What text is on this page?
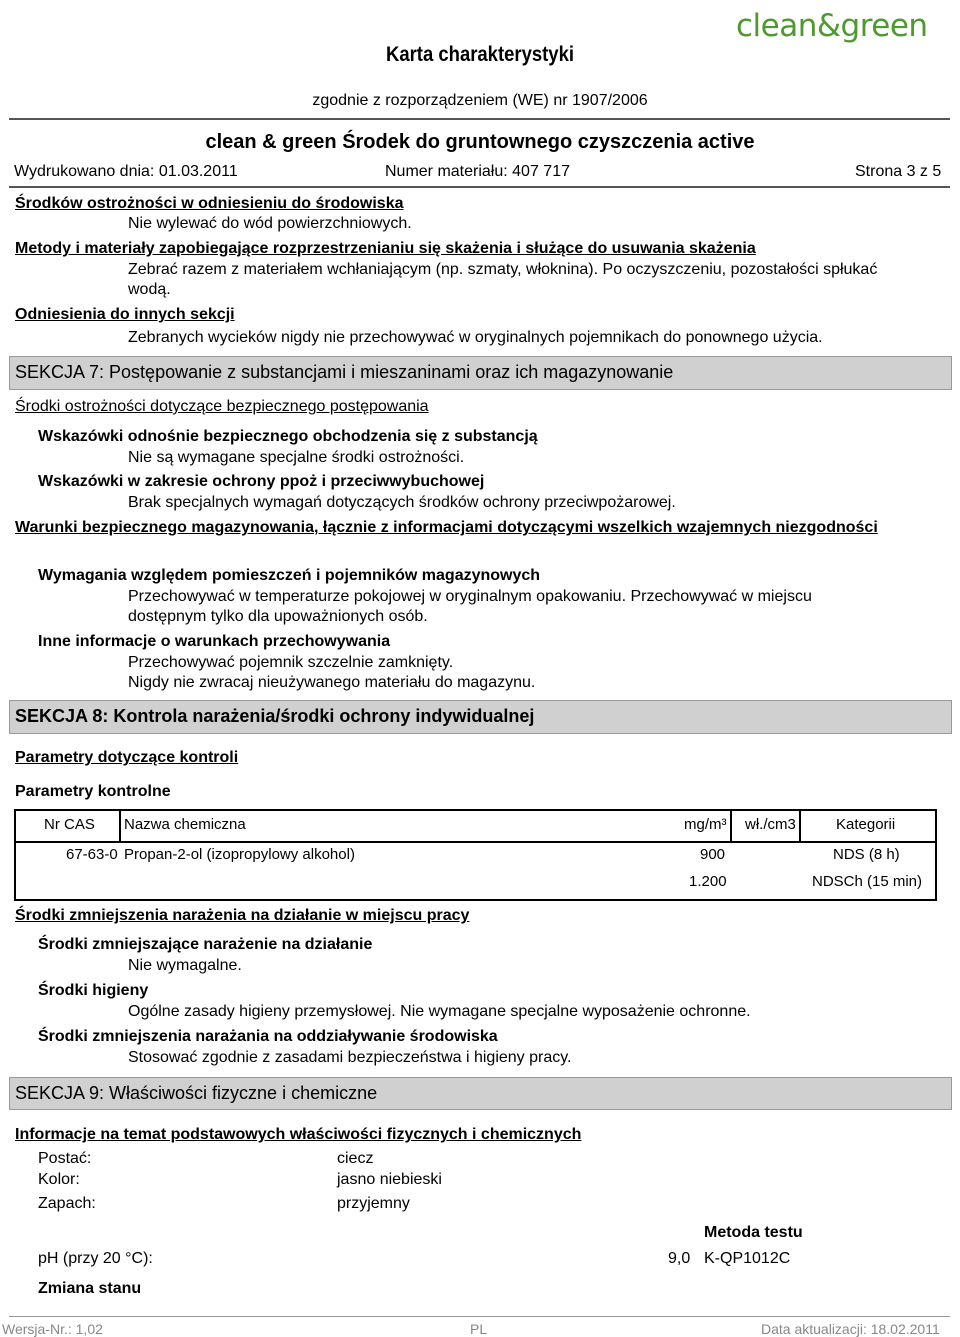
Karta charakterystyki
clean&green
zgodnie z rozporządzeniem (WE) nr 1907/2006
clean & green Środek do gruntownego czyszczenia active
Wydrukowano dnia: 01.03.2011	Numer materiału: 407 717	Strona 3 z 5
Środków ostrożności w odniesieniu do środowiska
Nie wylewać do wód powierzchniowych.
Metody i materiały zapobiegające rozprzestrzenianiu się skażenia i służące do usuwania skażenia
Zebrać razem z materiałem wchłaniającym (np. szmaty, włoknina). Po oczyszczeniu, pozostałości spłukać
wodą.
Odniesienia do innych sekcji
Zebranych wycieków nigdy nie przechowywać w oryginalnych pojemnikach do ponownego użycia.
SEKCJA 7: Postępowanie z substancjami i mieszaninami oraz ich magazynowanie
Środki ostrożności dotyczące bezpiecznego postępowania
Wskazówki odnośnie bezpiecznego obchodzenia się z substancją
Nie są wymagane specjalne środki ostrożności.
Wskazówki w zakresie ochrony ppoż i przeciwwybuchowej
Brak specjalnych wymagań dotyczących środków ochrony przeciwpożarowej.
Warunki bezpiecznego magazynowania, łącznie z informacjami dotyczącymi wszelkich wzajemnych niezgodności
Wymagania względem pomieszczeń i pojemników magazynowych
Przechowywać w temperaturze pokojowej w oryginalnym opakowaniu. Przechowywać w miejscu
dostępnym tylko dla upoważnionych osób.
Inne informacje o warunkach przechowywania
Przechowywać pojemnik szczelnie zamknięty.
Nigdy nie zwracaj nieużywanego materiału do magazynu.
SEKCJA 8: Kontrola narażenia/środki ochrony indywidualnej
Parametry dotyczące kontroli
Parametry kontrolne
Nr CAS Nazwa chemiczna	mg/m³ wł./cm3	Kategorii
67-63-0 Propan-2-ol (izopropylowy alkohol)	900	NDS (8 h)
1.200	NDSCh (15 min)
Środki zmniejszenia narażenia na działanie w miejscu pracy
Środki zmniejszające narażenie na działanie
Nie wymagalne.
Środki higieny
Ogólne zasady higieny przemysłowej. Nie wymagane specjalne wyposażenie ochronne.
Środki zmniejszenia narażania na oddziaływanie środowiska
Stosować zgodnie z zasadami bezpieczeństwa i higieny pracy.
SEKCJA 9: Właściwości fizyczne i chemiczne
Informacje na temat podstawowych właściwości fizycznych i chemicznych
Postać:	ciecz
Kolor:	jasno niebieski
Zapach:	przyjemny
Metoda testu
pH (przy 20 °C):	9,0 K-QP1012C
Zmiana stanu
Wersja-Nr.: 1,02	PL	Data aktualizacji: 18.02.2011
